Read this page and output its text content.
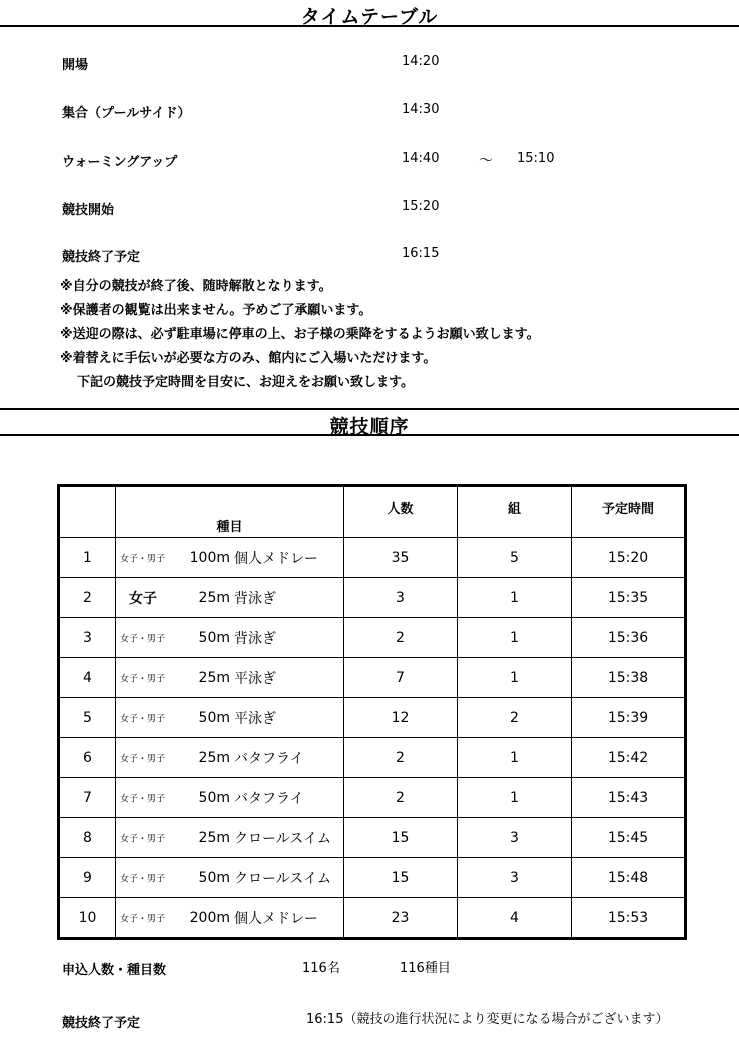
タイムテーブル
開場	14:20
集合（プールサイド）	14:30
ウォーミングアップ	14:40	～ 15:10
競技開始	15:20
競技終了予定	16:15
※自分の競技が終了後、随時解散となります。
※保護者の観覧は出来ません。予めご了承願います。
※送迎の際は、必ず駐車場に停車の上、お子様の乗降をするようお願い致します。
※着替えに手伝いが必要な方のみ、館内にご入場いただけます。
下記の競技予定時間を目安に、お迎えをお願い致します。
競技順序
	種目	人数	組	予定時間
1	女子・男子 100m 個人メドレー	35	5	15:20
2	女子 25m 背泳ぎ	3	1	15:35
3	女子・男子 50m 背泳ぎ	2	1	15:36
4	女子・男子 25m 平泳ぎ	7	1	15:38
5	女子・男子 50m 平泳ぎ	12	2	15:39
6	女子・男子 25m バタフライ	2	1	15:42
7	女子・男子 50m バタフライ	2	1	15:43
8	女子・男子 25m クロールスイム	15	3	15:45
9	女子・男子 50m クロールスイム	15	3	15:48
10	女子・男子 200m 個人メドレー	23	4	15:53
申込人数・種目数	116名	116種目
競技終了予定	16:15（競技の進行状況により変更になる場合がございます）
